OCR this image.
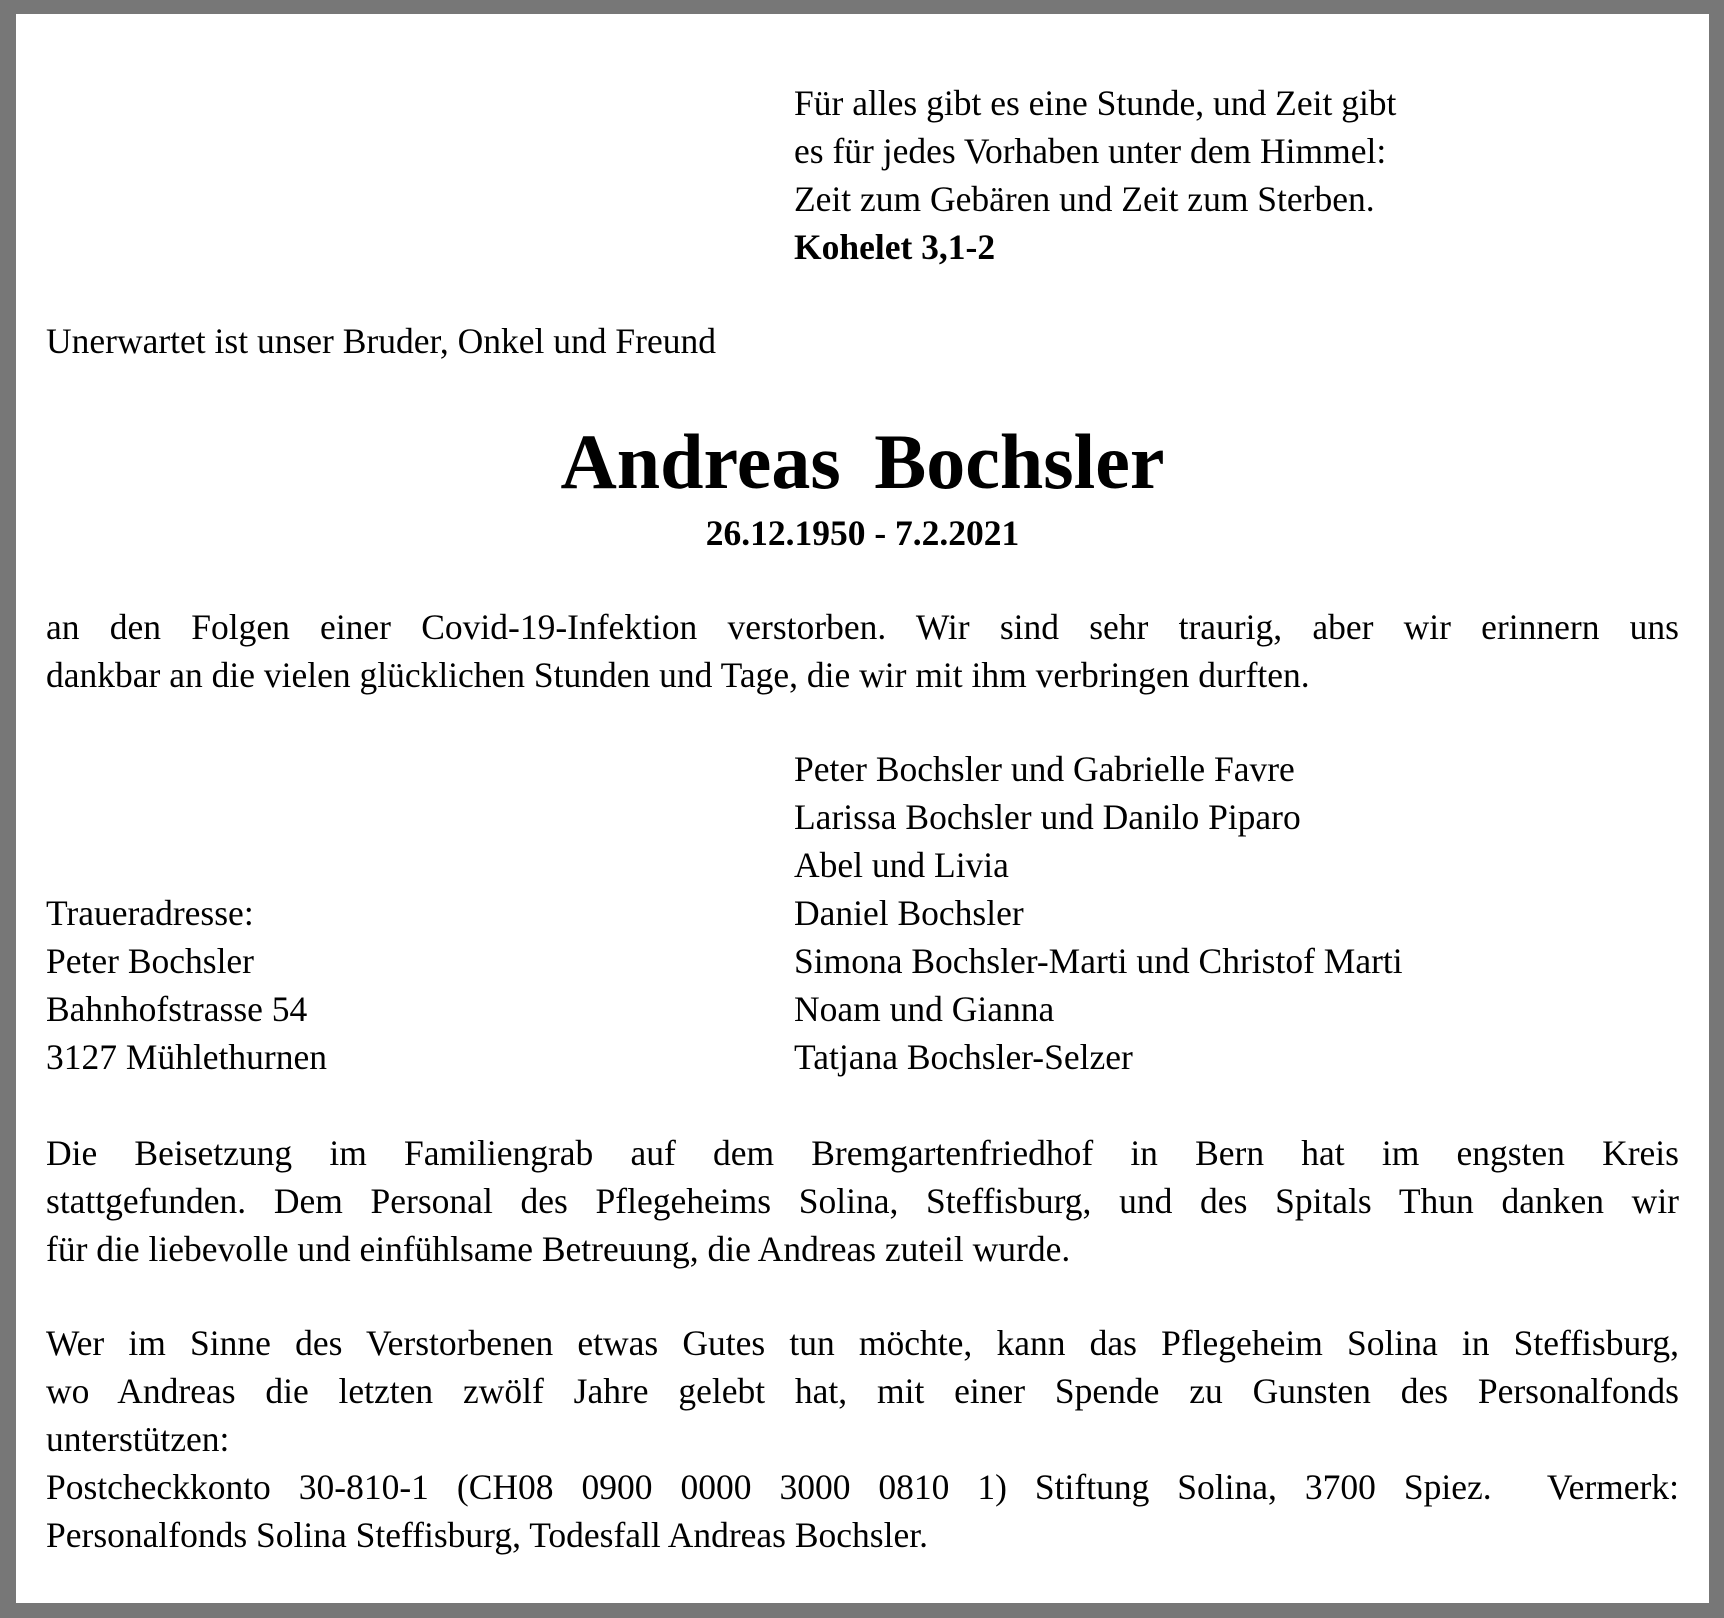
Für alles gibt es eine Stunde, und Zeit gibt
es für jedes Vorhaben unter dem Himmel:
Zeit zum Gebären und Zeit zum Sterben.
Kohelet 3,1-2
Unerwartet ist unser Bruder, Onkel und Freund
Andreas Bochsler
26.12.1950 - 7.2.2021
an den Folgen einer Covid-19-Infektion verstorben. Wir sind sehr traurig, aber wir erinnern uns
dankbar an die vielen glücklichen Stunden und Tage, die wir mit ihm verbringen durften.
Peter Bochsler und Gabrielle Favre
Larissa Bochsler und Danilo Piparo
Abel und Livia
Daniel Bochsler
Simona Bochsler-Marti und Christof Marti
Noam und Gianna
Tatjana Bochsler-Selzer
Traueradresse:
Peter Bochsler
Bahnhofstrasse 54
3127 Mühlethurnen
Die Beisetzung im Familiengrab auf dem Bremgartenfriedhof in Bern hat im engsten Kreis
stattgefunden. Dem Personal des Pflegeheims Solina, Steffisburg, und des Spitals Thun danken wir
für die liebevolle und einfühlsame Betreuung, die Andreas zuteil wurde.
Wer im Sinne des Verstorbenen etwas Gutes tun möchte, kann das Pflegeheim Solina in Steffisburg,
wo Andreas die letzten zwölf Jahre gelebt hat, mit einer Spende zu Gunsten des Personalfonds
unterstützen:
Postcheckkonto 30-810-1 (CH08 0900 0000 3000 0810 1) Stiftung Solina, 3700 Spiez.  Vermerk:
Personalfonds Solina Steffisburg, Todesfall Andreas Bochsler.
